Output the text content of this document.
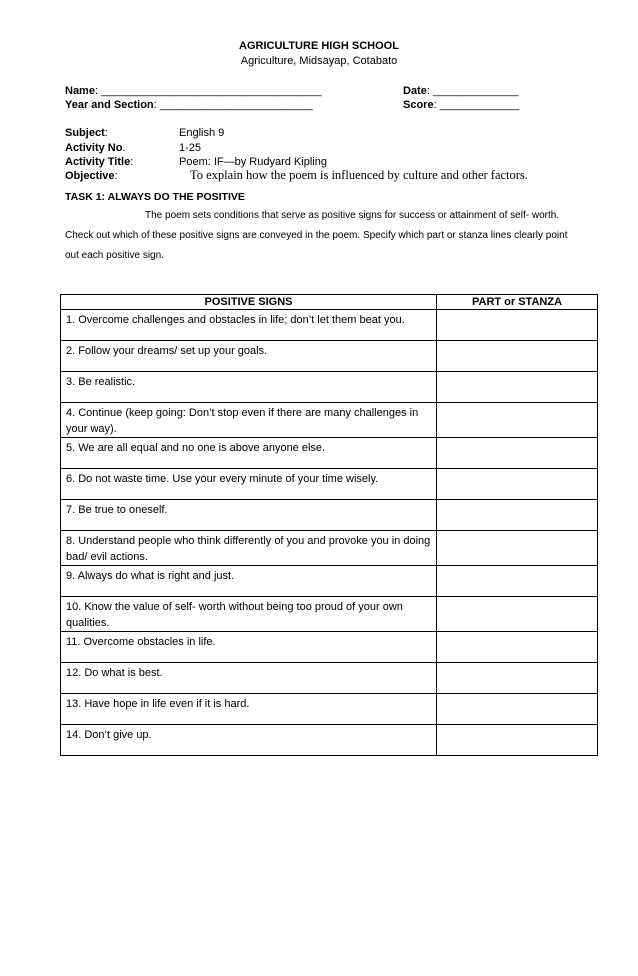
AGRICULTURE HIGH SCHOOL
Agriculture, Midsayap, Cotabato
Name: ____________________________________	Date: ______________
Year and Section: _________________________	Score: _____________
Subject:	English 9
Activity No.	1-25
Activity Title:	Poem: IF—by Rudyard Kipling
Objective:	To explain how the poem is influenced by culture and other factors.
TASK 1: ALWAYS DO THE POSITIVE

The poem sets conditions that serve as positive signs for success or attainment of self- worth.

Check out which of these positive signs are conveyed in the poem. Specify which part or stanza lines clearly point

out each positive sign.

POSITIVE SIGNS	PART or STANZA
1. Overcome challenges and obstacles in life; don’t let them beat you.	
2. Follow your dreams/ set up your goals.	
3. Be realistic.	
4. Continue (keep going: Don’t stop even if there are many challenges in your way).	
5. We are all equal and no one is above anyone else.	
6. Do not waste time. Use your every minute of your time wisely.	
7. Be true to oneself.	
8. Understand people who think differently of you and provoke you in doing bad/ evil actions.	
9. Always do what is right and just.	
10. Know the value of self- worth without being too proud of your own qualities.	
11. Overcome obstacles in life.	
12. Do what is best.	
13. Have hope in life even if it is hard.	
14. Don’t give up.	
